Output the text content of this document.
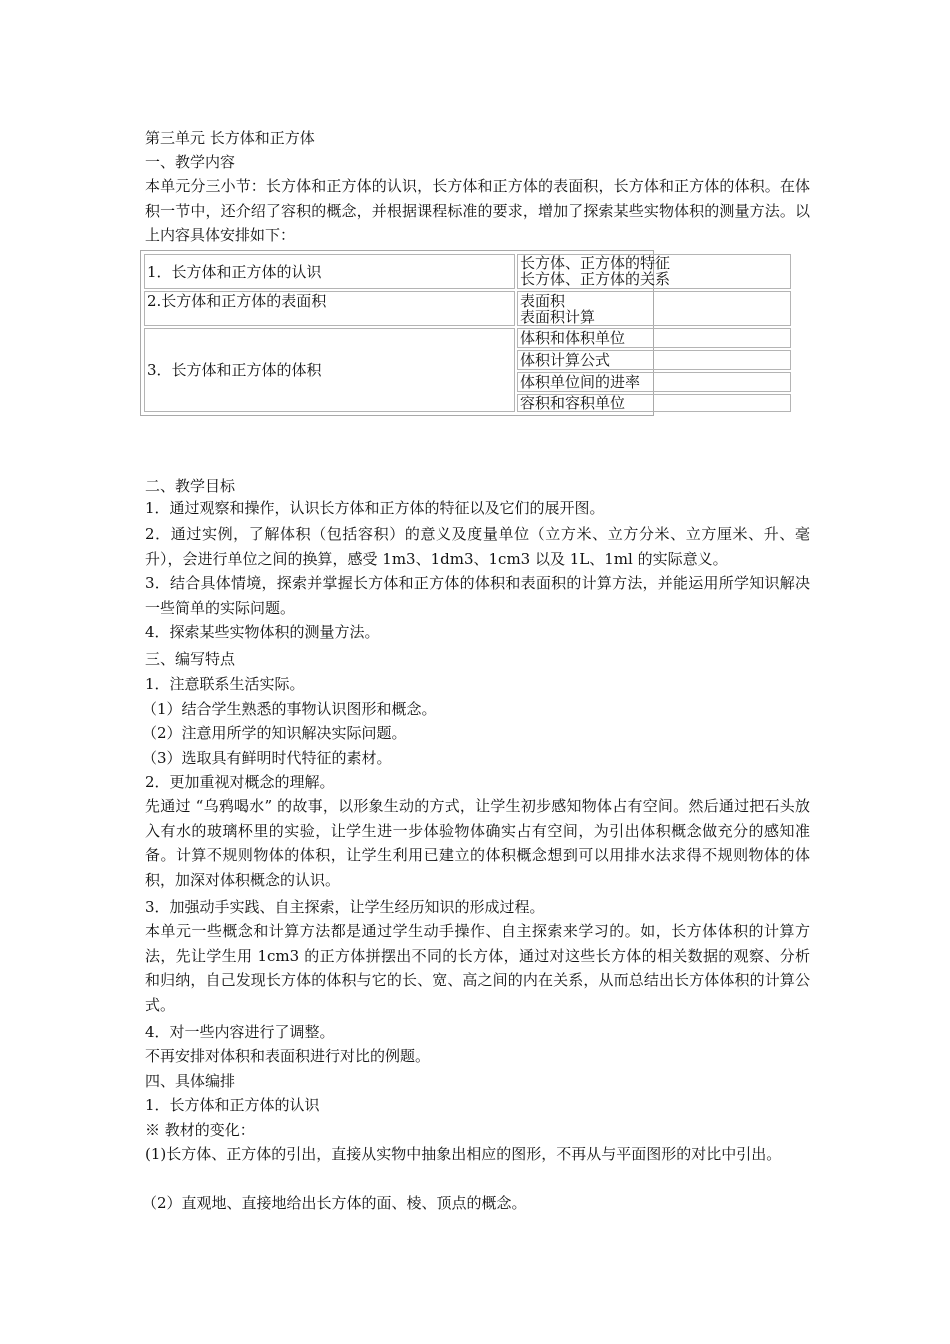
第三单元 长方体和正方体
一、教学内容
本单元分三小节：长方体和正方体的认识，长方体和正方体的表面积，长方体和正方体的体积。在体积一节中，还介绍了容积的概念，并根据课程标准的要求，增加了探索某些实物体积的测量方法。以上内容具体安排如下：
1．长方体和正方体的认识	长方体、正方体的特征
长方体、正方体的关系
2.长方体和正方体的表面积	表面积
表面积计算
3．长方体和正方体的体积
体积和体积单位
体积计算公式
体积单位间的进率
容积和容积单位
二、教学目标
1．通过观察和操作，认识长方体和正方体的特征以及它们的展开图。
2．通过实例，了解体积（包括容积）的意义及度量单位（立方米、立方分米、立方厘米、升、毫升），会进行单位之间的换算，感受 1m3、1dm3、1cm3 以及 1L、1ml 的实际意义。
3．结合具体情境，探索并掌握长方体和正方体的体积和表面积的计算方法，并能运用所学知识解决一些简单的实际问题。
4．探索某些实物体积的测量方法。
三、编写特点
1．注意联系生活实际。
（1）结合学生熟悉的事物认识图形和概念。
（2）注意用所学的知识解决实际问题。
（3）选取具有鲜明时代特征的素材。
2．更加重视对概念的理解。
先通过 “乌鸦喝水” 的故事，以形象生动的方式，让学生初步感知物体占有空间。然后通过把石头放入有水的玻璃杯里的实验，让学生进一步体验物体确实占有空间，为引出体积概念做充分的感知准备。计算不规则物体的体积，让学生利用已建立的体积概念想到可以用排水法求得不规则物体的体积，加深对体积概念的认识。
3．加强动手实践、自主探索，让学生经历知识的形成过程。
本单元一些概念和计算方法都是通过学生动手操作、自主探索来学习的。如，长方体体积的计算方法，先让学生用 1cm3 的正方体拼摆出不同的长方体，通过对这些长方体的相关数据的观察、分析和归纳，自己发现长方体的体积与它的长、宽、高之间的内在关系，从而总结出长方体体积的计算公式。
4．对一些内容进行了调整。
不再安排对体积和表面积进行对比的例题。
四、具体编排
1．长方体和正方体的认识
※ 教材的变化：
(1)长方体、正方体的引出，直接从实物中抽象出相应的图形，不再从与平面图形的对比中引出。
（2）直观地、直接地给出长方体的面、棱、顶点的概念。
